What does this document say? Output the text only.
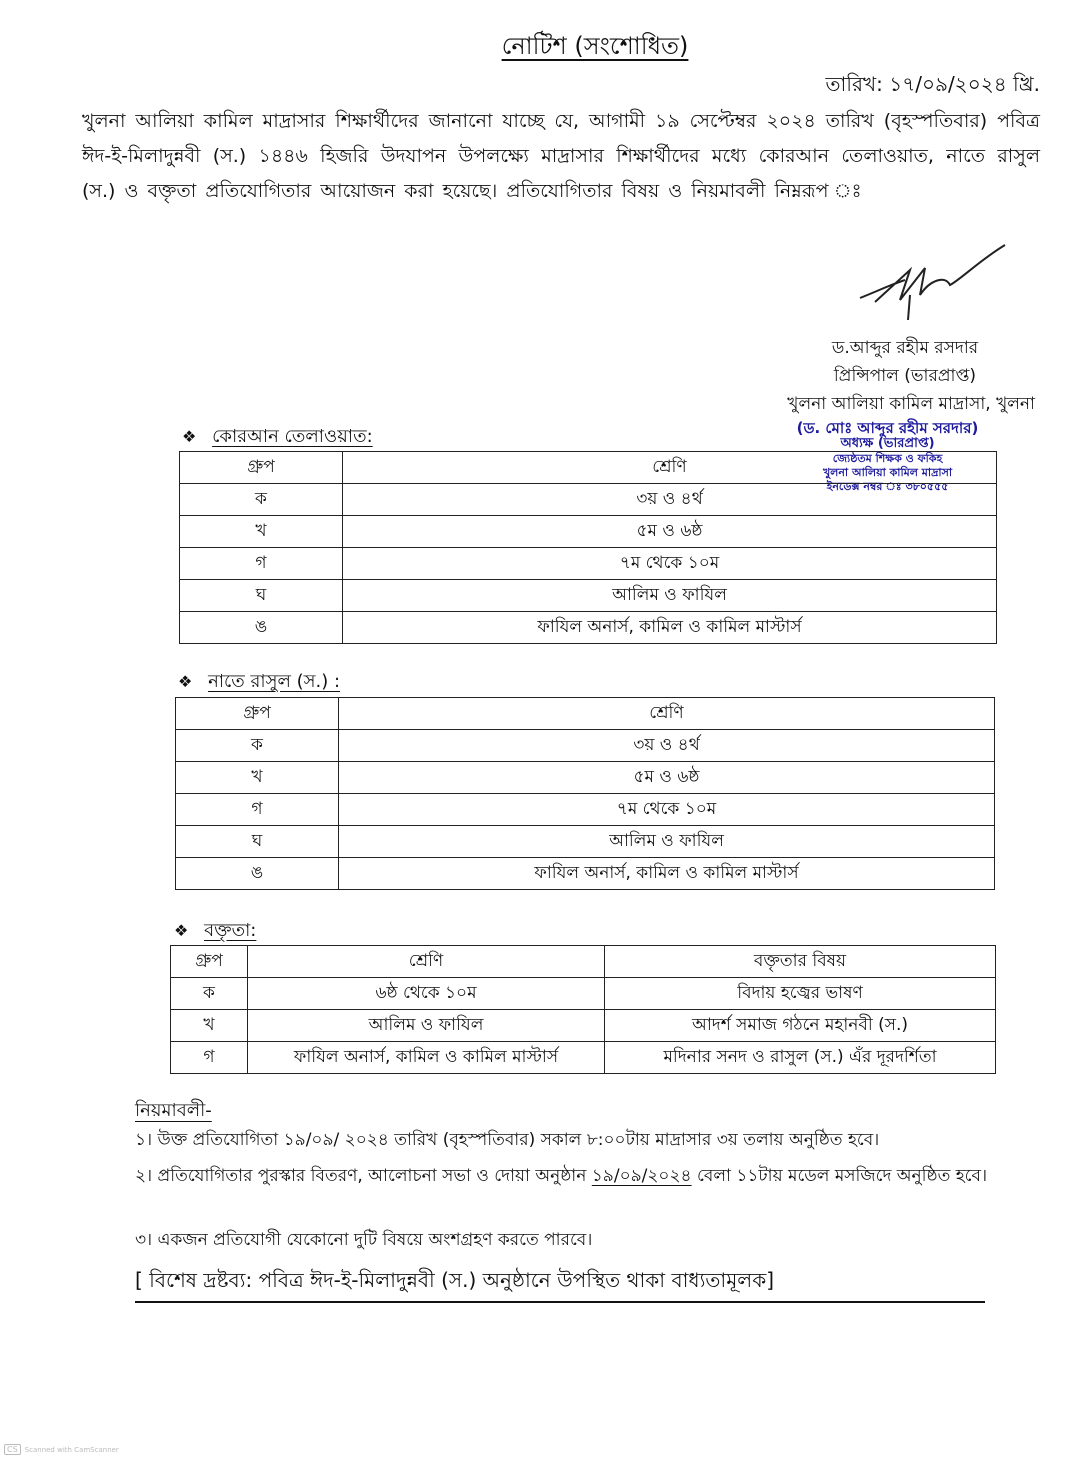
নোটিশ (সংশোধিত)
তারিখ: ১৭/০৯/২০২৪ খ্রি.
খুলনা আলিয়া কামিল মাদ্রাসার শিক্ষার্থীদের জানানো যাচ্ছে যে, আগামী ১৯ সেপ্টেম্বর ২০২৪ তারিখ (বৃহস্পতিবার) পবিত্র ঈদ-ই-মিলাদুন্নবী (স.) ১৪৪৬ হিজরি উদযাপন উপলক্ষ্যে মাদ্রাসার শিক্ষার্থীদের মধ্যে কোরআন তেলাওয়াত, নাতে রাসুল (স.) ও বক্তৃতা প্রতিযোগিতার আয়োজন করা হয়েছে। প্রতিযোগিতার বিষয় ও নিয়মাবলী নিম্নরূপ ঃ
ড.আব্দুর রহীম রসদার
প্রিন্সিপাল (ভারপ্রাপ্ত)
খুলনা আলিয়া কামিল মাদ্রাসা, খুলনা
(ড. মোঃ আব্দুর রহীম সরদার)
অধ্যক্ষ (ভারপ্রাপ্ত)
জ্যেষ্ঠতম শিক্ষক ও ফকিহ
খুলনা আলিয়া কামিল মাদ্রাসা
ইনডেক্স নম্বর ঃ ৩৮০৫৫৫
❖ কোরআন তেলাওয়াত:
গ্রুপ	শ্রেণি
ক	৩য় ও ৪র্থ
খ	৫ম ও ৬ষ্ঠ
গ	৭ম থেকে ১০ম
ঘ	আলিম ও ফাযিল
ঙ	ফাযিল অনার্স, কামিল ও কামিল মাস্টার্স
❖ নাতে রাসুল (স.) :
গ্রুপ	শ্রেণি
ক	৩য় ও ৪র্থ
খ	৫ম ও ৬ষ্ঠ
গ	৭ম থেকে ১০ম
ঘ	আলিম ও ফাযিল
ঙ	ফাযিল অনার্স, কামিল ও কামিল মাস্টার্স
❖ বক্তৃতা:
গ্রুপ	শ্রেণি	বক্তৃতার বিষয়
ক	৬ষ্ঠ থেকে ১০ম	বিদায় হজ্বের ভাষণ
খ	আলিম ও ফাযিল	আদর্শ সমাজ গঠনে মহানবী (স.)
গ	ফাযিল অনার্স, কামিল ও কামিল মাস্টার্স	মদিনার সনদ ও রাসুল (স.) এঁর দূরদর্শিতা
নিয়মাবলী-
১। উক্ত প্রতিযোগিতা ১৯/০৯/ ২০২৪ তারিখ (বৃহস্পতিবার) সকাল ৮:০০টায় মাদ্রাসার ৩য় তলায় অনুষ্ঠিত হবে।
২। প্রতিযোগিতার পুরস্কার বিতরণ, আলোচনা সভা ও দোয়া অনুষ্ঠান ১৯/০৯/২০২৪ বেলা ১১টায় মডেল মসজিদে অনুষ্ঠিত হবে।
৩। একজন প্রতিযোগী যেকোনো দুটি বিষয়ে অংশগ্রহণ করতে পারবে।
[ বিশেষ দ্রষ্টব্য: পবিত্র ঈদ-ই-মিলাদুন্নবী (স.) অনুষ্ঠানে উপস্থিত থাকা বাধ্যতামূলক]
CS	Scanned with CamScanner
